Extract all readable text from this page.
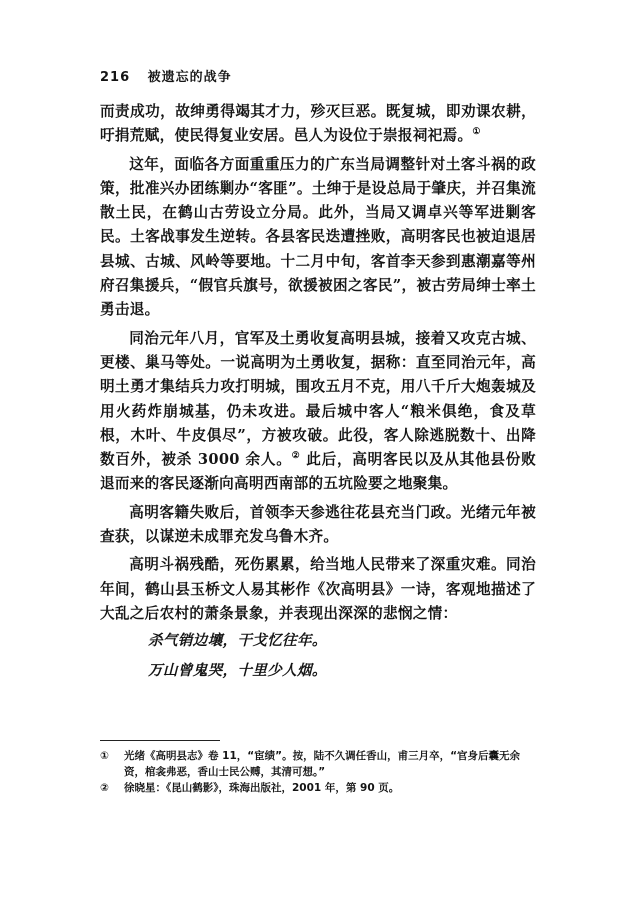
216 被遗忘的战争

而责成功，故绅勇得竭其才力，殄灭巨恶。既复城，即劝课农耕，吁捐荒赋，使民得复业安居。邑人为设位于崇报祠祀焉。①

这年，面临各方面重重压力的广东当局调整针对土客斗祸的政策，批准兴办团练剿办“客匪”。土绅于是设总局于肇庆，并召集流散土民，在鹤山古劳设立分局。此外，当局又调卓兴等军进剿客民。土客战事发生逆转。各县客民迭遭挫败，高明客民也被迫退居县城、古城、风岭等要地。十二月中旬，客首李天参到惠潮嘉等州府召集援兵，“假官兵旗号，欲援被困之客民”，被古劳局绅士率土勇击退。

同治元年八月，官军及土勇收复高明县城，接着又攻克古城、更楼、巢马等处。一说高明为土勇收复，据称：直至同治元年，高明土勇才集结兵力攻打明城，围攻五月不克，用八千斤大炮轰城及用火药炸崩城基，仍未攻进。最后城中客人“粮米俱绝，食及草根，木叶、牛皮俱尽”，方被攻破。此役，客人除逃脱数十、出降数百外，被杀 3000 余人。② 此后，高明客民以及从其他县份败退而来的客民逐渐向高明西南部的五坑险要之地聚集。

高明客籍失败后，首领李天参逃往花县充当门政。光绪元年被查获，以谋逆未成罪充发乌鲁木齐。

高明斗祸残酷，死伤累累，给当地人民带来了深重灾难。同治年间，鹤山县玉桥文人易其彬作《次高明县》一诗，客观地描述了大乱之后农村的萧条景象，并表现出深深的悲悯之情：

杀气销边壤，干戈忆往年。
万山曾鬼哭，十里少人烟。
①	光绪《高明县志》卷 11，“宦绩”。按，陆不久调任香山，甫三月卒，“官身后囊无余资，棺衾弗恶，香山士民公赙，其清可想。”
②	徐晓星：《昆山鹤影》，珠海出版社，2001 年，第 90 页。
